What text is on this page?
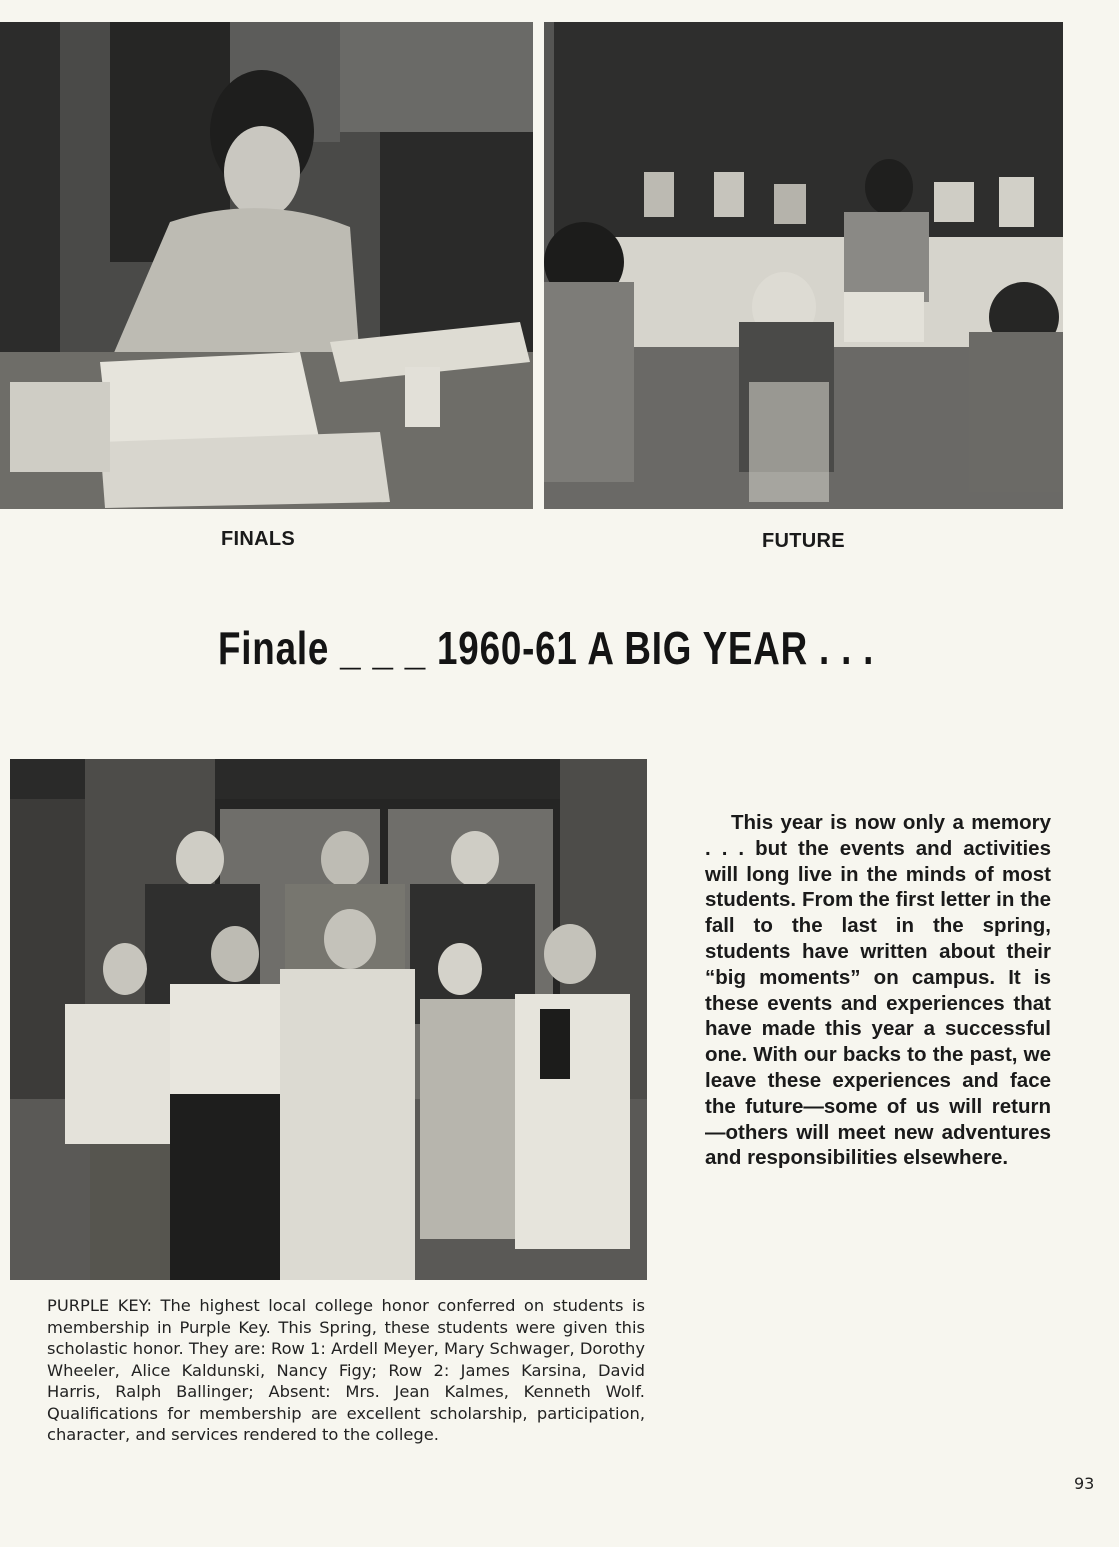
FINALS	FUTURE
Finale _ _ _ 1960-61 A BIG YEAR . . .

This year is now only a memory . . . but the events and activities will long live in the minds of most students. From the first letter in the fall to the last in the spring, students have written about their “big moments” on campus. It is these events and experiences that have made this year a successful one. With our backs to the past, we leave these experiences and face the future—some of us will return—others will meet new adventures and responsibilities elsewhere.

PURPLE KEY: The highest local college honor conferred on students is membership in Purple Key. This Spring, these students were given this scholastic honor. They are: Row 1: Ardell Meyer, Mary Schwager, Dorothy Wheeler, Alice Kaldunski, Nancy Figy; Row 2: James Karsina, David Harris, Ralph Ballinger; Absent: Mrs. Jean Kalmes, Kenneth Wolf. Qualifications for membership are excellent scholarship, participation, character, and services rendered to the college.

93
